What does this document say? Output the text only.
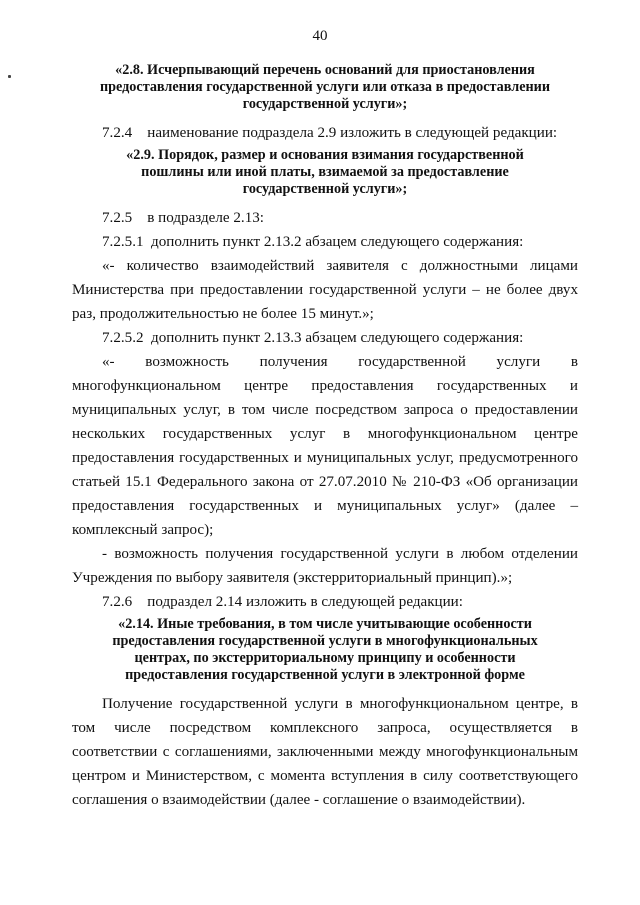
40
«2.8. Исчерпывающий перечень оснований для приостановления
предоставления государственной услуги или отказа в предоставлении
государственной услуги»;
7.2.4    наименование подраздела 2.9 изложить в следующей редакции:
«2.9. Порядок, размер и основания взимания государственной
пошлины или иной платы, взимаемой за предоставление
государственной услуги»;
7.2.5    в подразделе 2.13:
7.2.5.1  дополнить пункт 2.13.2 абзацем следующего содержания:
«- количество взаимодействий заявителя с должностными лицами
Министерства при предоставлении государственной услуги – не более двух
раз, продолжительностью не более 15 минут.»;
7.2.5.2  дополнить пункт 2.13.3 абзацем следующего содержания:
«- возможность получения государственной услуги в
многофункциональном центре предоставления государственных и
муниципальных услуг, в том числе посредством запроса о предоставлении
нескольких государственных услуг в многофункциональном центре
предоставления государственных и муниципальных услуг, предусмотренного
статьей 15.1 Федерального закона от 27.07.2010 № 210-ФЗ «Об организации
предоставления государственных и муниципальных услуг» (далее –
комплексный запрос);
- возможность получения государственной услуги в любом отделении
Учреждения по выбору заявителя (экстерриториальный принцип).»;
7.2.6    подраздел 2.14 изложить в следующей редакции:
«2.14. Иные требования, в том числе учитывающие особенности
предоставления государственной услуги в многофункциональных
центрах, по экстерриториальному принципу и особенности
предоставления государственной услуги в электронной форме
Получение государственной услуги в многофункциональном центре, в
том числе посредством комплексного запроса, осуществляется в
соответствии с соглашениями, заключенными между многофункциональным
центром и Министерством, с момента вступления в силу соответствующего
соглашения о взаимодействии (далее - соглашение о взаимодействии).
